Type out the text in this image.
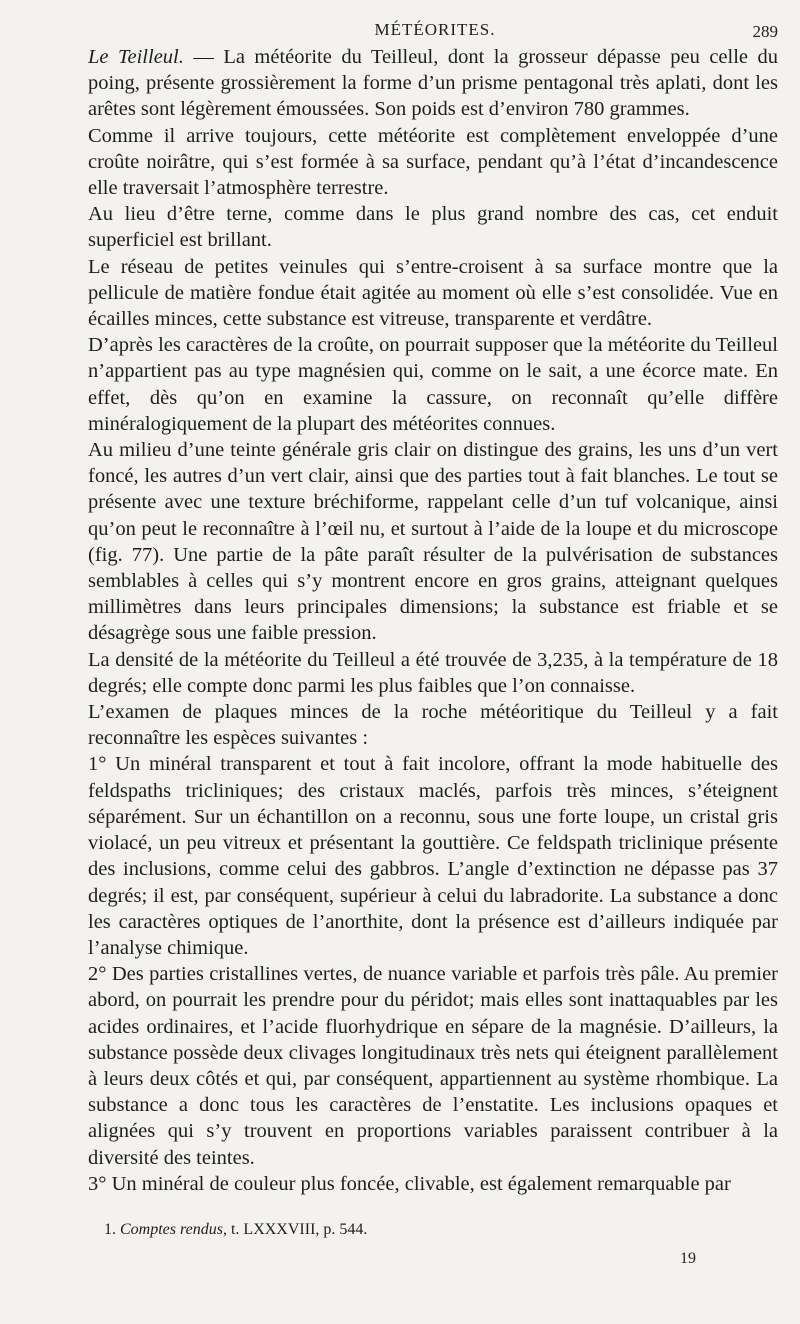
MÉTÉORITES.	289

Le Teilleul. — La météorite du Teilleul, dont la grosseur dépasse peu celle du poing, présente grossièrement la forme d’un prisme pentagonal très aplati, dont les arêtes sont légèrement émoussées. Son poids est d’environ 780 grammes.

Comme il arrive toujours, cette météorite est complètement enveloppée d’une croûte noirâtre, qui s’est formée à sa surface, pendant qu’à l’état d’incandescence elle traversait l’atmosphère terrestre.

Au lieu d’être terne, comme dans le plus grand nombre des cas, cet enduit superficiel est brillant.

Le réseau de petites veinules qui s’entre-croisent à sa surface montre que la pellicule de matière fondue était agitée au moment où elle s’est consolidée. Vue en écailles minces, cette substance est vitreuse, transparente et verdâtre.

D’après les caractères de la croûte, on pourrait supposer que la météorite du Teilleul n’appartient pas au type magnésien qui, comme on le sait, a une écorce mate. En effet, dès qu’on en examine la cassure, on reconnaît qu’elle diffère minéralogiquement de la plupart des météorites connues.

Au milieu d’une teinte générale gris clair on distingue des grains, les uns d’un vert foncé, les autres d’un vert clair, ainsi que des parties tout à fait blanches. Le tout se présente avec une texture bréchiforme, rappelant celle d’un tuf volcanique, ainsi qu’on peut le reconnaître à l’œil nu, et surtout à l’aide de la loupe et du microscope (fig. 77). Une partie de la pâte paraît résulter de la pulvérisation de substances semblables à celles qui s’y montrent encore en gros grains, atteignant quelques millimètres dans leurs principales dimensions; la substance est friable et se désagrège sous une faible pression.

La densité de la météorite du Teilleul a été trouvée de 3,235, à la température de 18 degrés; elle compte donc parmi les plus faibles que l’on connaisse.

L’examen de plaques minces de la roche météoritique du Teilleul y a fait reconnaître les espèces suivantes :

1° Un minéral transparent et tout à fait incolore, offrant la mode habituelle des feldspaths tricliniques; des cristaux maclés, parfois très minces, s’éteignent séparément. Sur un échantillon on a reconnu, sous une forte loupe, un cristal gris violacé, un peu vitreux et présentant la gouttière. Ce feldspath triclinique présente des inclusions, comme celui des gabbros. L’angle d’extinction ne dépasse pas 37 degrés; il est, par conséquent, supérieur à celui du labradorite. La substance a donc les caractères optiques de l’anorthite, dont la présence est d’ailleurs indiquée par l’analyse chimique.

2° Des parties cristallines vertes, de nuance variable et parfois très pâle. Au premier abord, on pourrait les prendre pour du péridot; mais elles sont inattaquables par les acides ordinaires, et l’acide fluorhydrique en sépare de la magnésie. D’ailleurs, la substance possède deux clivages longitudinaux très nets qui éteignent parallèlement à leurs deux côtés et qui, par conséquent, appartiennent au système rhombique. La substance a donc tous les caractères de l’enstatite. Les inclusions opaques et alignées qui s’y trouvent en proportions variables paraissent contribuer à la diversité des teintes.

3° Un minéral de couleur plus foncée, clivable, est également remarquable par

1. Comptes rendus, t. LXXXVIII, p. 544.
19
